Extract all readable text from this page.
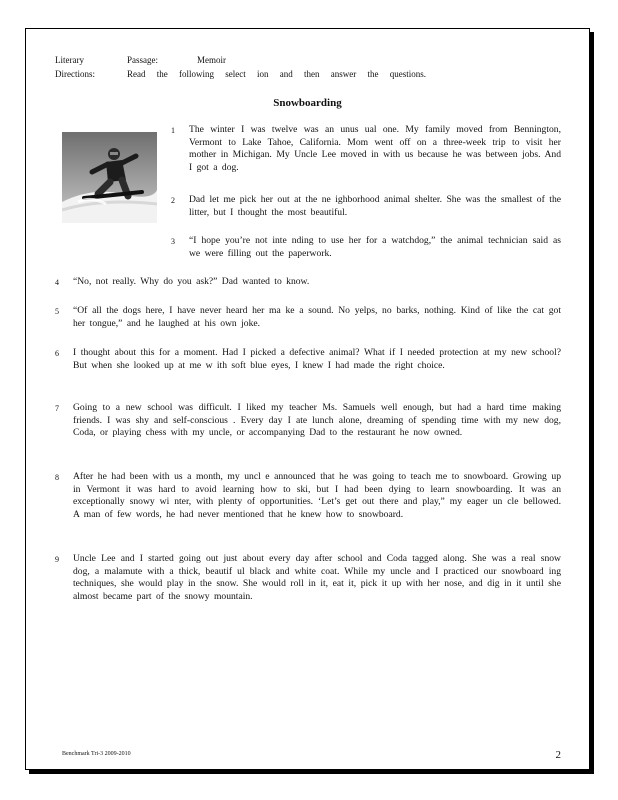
Literary	Passage:	Memoir
Directions:	Read the following select ion and then answer the questions.
Snowboarding
1 The winter I was twelve was an unus ual one. My family moved from Bennington, Vermont to Lake Tahoe, California. Mom went off on a three-week trip to visit her mother in Michigan. My Uncle Lee moved in with us because he was between jobs. And I got a dog.
2 Dad let me pick her out at the ne ighborhood animal shelter. She was the smallest of the litter, but I thought the most beautiful.
3 “I hope you’re not inte nding to use her for a watchdog,” the animal technician said as we were filling out the paperwork.
4 “No, not really. Why do you ask?” Dad wanted to know.
5 “Of all the dogs here, I have never heard her ma ke a sound. No yelps, no barks, nothing. Kind of like the cat got her tongue,” and he laughed at his own joke.
6 I thought about this for a moment. Had I picked a defective animal? What if I needed protection at my new school? But when she looked up at me w ith soft blue eyes, I knew I had made the right choice.
7 Going to a new school was difficult. I liked my teacher Ms. Samuels well enough, but had a hard time making friends. I was shy and self-conscious . Every day I ate lunch alone, dreaming of spending time with my new dog, Coda, or playing chess with my uncle, or accompanying Dad to the restaurant he now owned.
8 After he had been with us a month, my uncl e announced that he was going to teach me to snowboard. Growing up in Vermont it was hard to avoid learning how to ski, but I had been dying to learn snowboarding. It was an exceptionally snowy wi nter, with plenty of opportunities. ‘Let’s get out there and play,” my eager un cle bellowed. A man of few words, he had never mentioned that he knew how to snowboard.
9 Uncle Lee and I started going out just about every day after school and Coda tagged along. She was a real snow dog, a malamute with a thick, beautif ul black and white coat. While my uncle and I practiced our snowboard ing techniques, she would play in the snow. She would roll in it, eat it, pick it up with her nose, and dig in it until she almost became part of the snowy mountain.
Benchmark Tri-3 2009-2010	2
